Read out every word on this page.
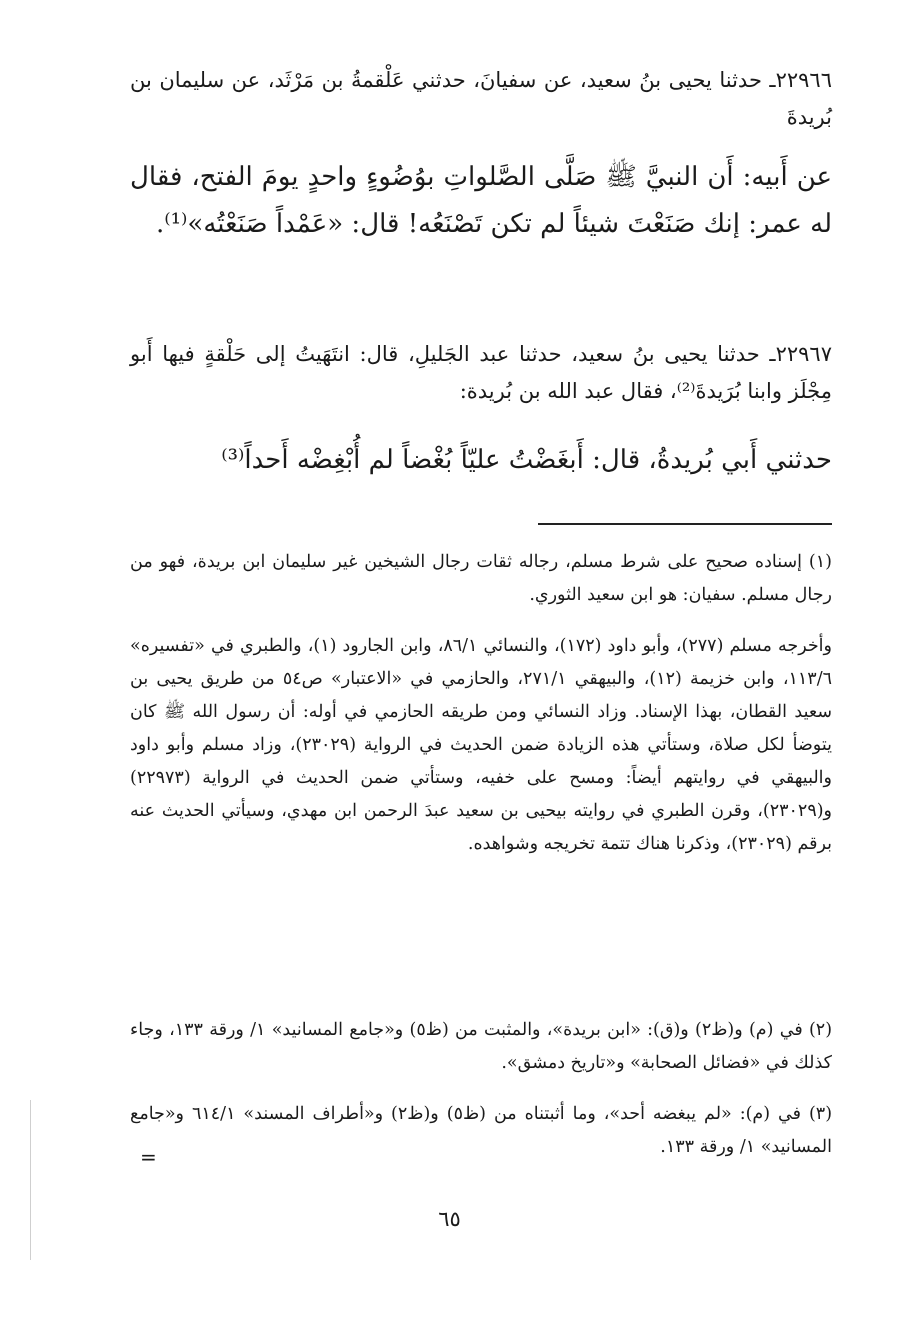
٢٢٩٦٦ـ حدثنا يحيى بنُ سعيد، عن سفيانَ، حدثني عَلْقمةُ بن مَرْثَد، عن سليمان بن بُريدةَ
عن أَبيه: أَن النبيَّ ﷺ صَلَّى الصَّلواتِ بوُضُوءٍ واحدٍ يومَ الفتح، فقال له عمر: إنك صَنَعْتَ شيئاً لم تكن تَصْنَعُه! قال: «عَمْداً صَنَعْتُه»⁽¹⁾.
٢٢٩٦٧ـ حدثنا يحيى بنُ سعيد، حدثنا عبد الجَليلِ، قال: انتَهَيتُ إلى حَلْقةٍ فيها أَبو مِجْلَز وابنا بُرَيدةَ⁽²⁾، فقال عبد الله بن بُريدة:
حدثني أَبي بُريدةُ، قال: أَبغَضْتُ عليّاً بُغْضاً لم أُبْغِضْه أَحداً⁽³⁾
(١) إسناده صحيح على شرط مسلم، رجاله ثقات رجال الشيخين غير سليمان ابن بريدة، فهو من رجال مسلم. سفيان: هو ابن سعيد الثوري.
وأخرجه مسلم (٢٧٧)، وأبو داود (١٧٢)، والنسائي ٨٦/١، وابن الجارود (١)، والطبري في «تفسيره» ١١٣/٦، وابن خزيمة (١٢)، والبيهقي ٢٧١/١، والحازمي في «الاعتبار» ص٥٤ من طريق يحيى بن سعيد القطان، بهذا الإسناد. وزاد النسائي ومن طريقه الحازمي في أوله: أن رسول الله ﷺ كان يتوضأ لكل صلاة، وستأتي هذه الزيادة ضمن الحديث في الرواية (٢٣٠٢٩)، وزاد مسلم وأبو داود والبيهقي في روايتهم أيضاً: ومسح على خفيه، وستأتي ضمن الحديث في الرواية (٢٢٩٧٣) و(٢٣٠٢٩)، وقرن الطبري في روايته بيحيى بن سعيد عبدَ الرحمن ابن مهدي، وسيأتي الحديث عنه برقم (٢٣٠٢٩)، وذكرنا هناك تتمة تخريجه وشواهده.
(٢) في (م) و(ظ٢) و(ق): «ابن بريدة»، والمثبت من (ظ٥) و«جامع المسانيد» ١/ ورقة ١٣٣، وجاء كذلك في «فضائل الصحابة» و«تاريخ دمشق».
(٣) في (م): «لم يبغضه أحد»، وما أثبتناه من (ظ٥) و(ظ٢) و«أطراف المسند» ٦١٤/١ و«جامع المسانيد» ١/ ورقة ١٣٣.
=
٦٥
